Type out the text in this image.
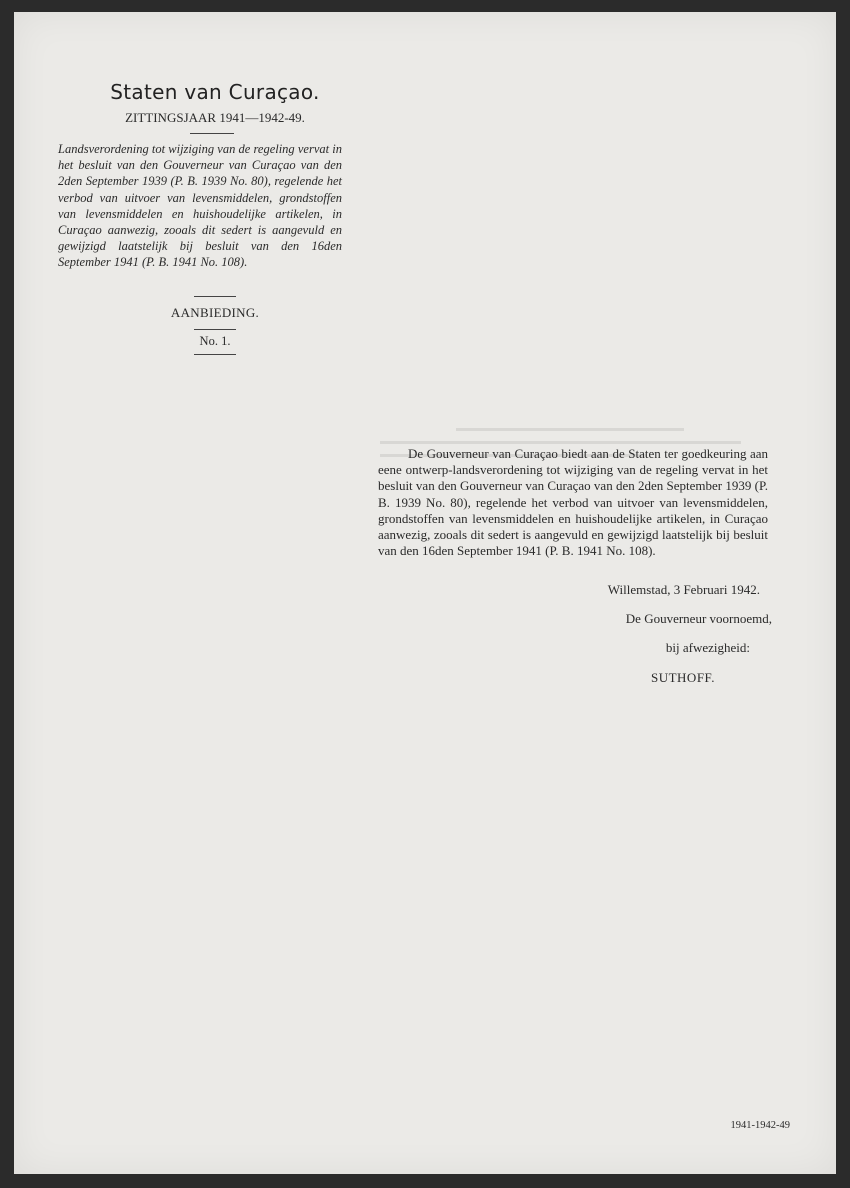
Staten van Curaçao.
ZITTINGSJAAR 1941—1942-49.
Landsverordening tot wijziging van de regeling vervat in het besluit van den Gouverneur van Curaçao van den 2den September 1939 (P. B. 1939 No. 80), regelende het verbod van uitvoer van levensmiddelen, grondstoffen van levensmiddelen en huishoudelijke artikelen, in Curaçao aanwezig, zooals dit sedert is aangevuld en gewijzigd laatstelijk bij besluit van den 16den September 1941 (P. B. 1941 No. 108).
AANBIEDING.
No. 1.
De Gouverneur van Curaçao biedt aan de Staten ter goedkeuring aan eene ontwerp-landsverordening tot wijziging van de regeling vervat in het besluit van den Gouverneur van Curaçao van den 2den September 1939 (P. B. 1939 No. 80), regelende het verbod van uitvoer van levensmiddelen, grondstoffen van levensmiddelen en huishoudelijke artikelen, in Curaçao aanwezig, zooals dit sedert is aangevuld en gewijzigd laatstelijk bij besluit van den 16den September 1941 (P. B. 1941 No. 108).
Willemstad, 3 Februari 1942.
De Gouverneur voornoemd,
bij afwezigheid:
SUTHOFF.
1941-1942-49
